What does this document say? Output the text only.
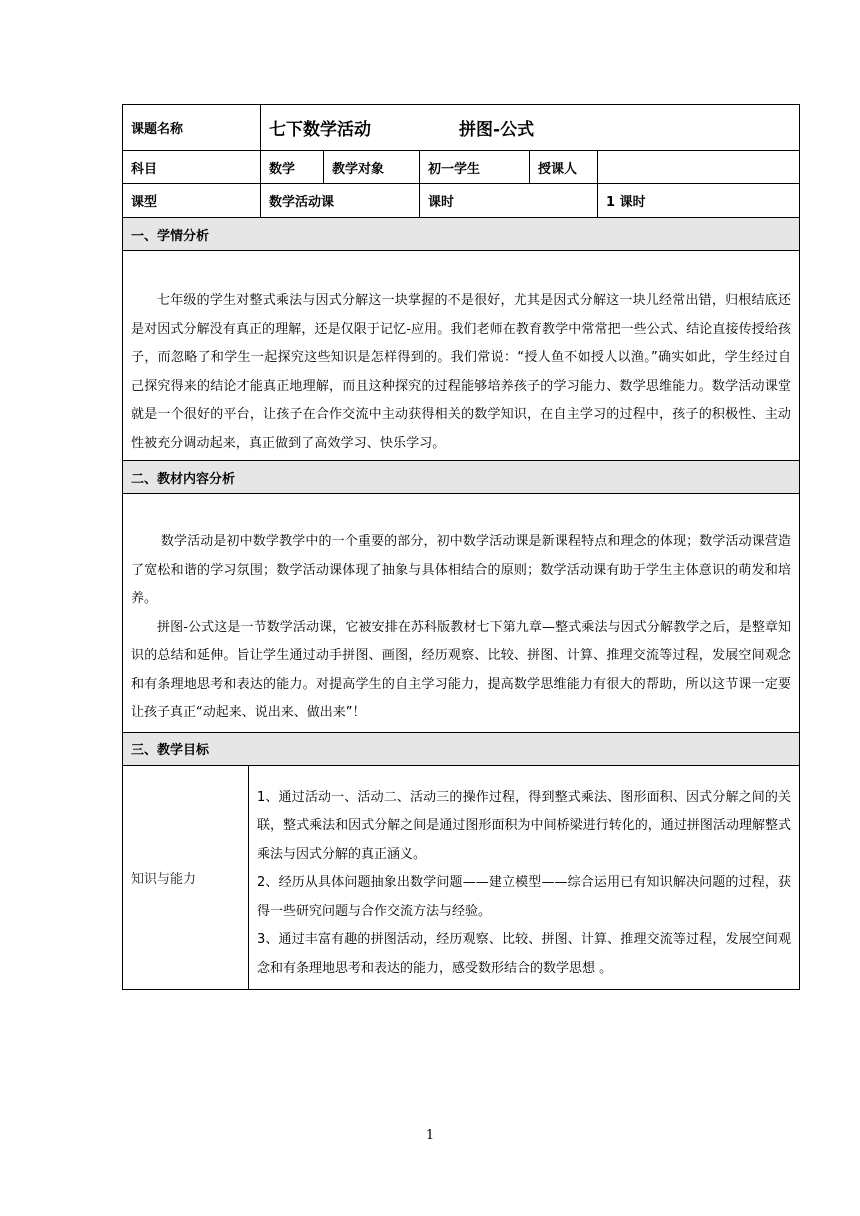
课题名称		七下数学活动 拼图-公式				
科目		数学	教学对象	初一学生	授课人	
课型		数学活动课		课时		1 课时
一、学情分析						

七年级的学生对整式乘法与因式分解这一块掌握的不是很好，尤其是因式分解这一块儿经常出错，归根结底还是对因式分解没有真正的理解，还是仅限于记忆-应用。我们老师在教育教学中常常把一些公式、结论直接传授给孩子，而忽略了和学生一起探究这些知识是怎样得到的。我们常说：“授人鱼不如授人以渔。”确实如此，学生经过自己探究得来的结论才能真正地理解，而且这种探究的过程能够培养孩子的学习能力、数学思维能力。数学活动课堂就是一个很好的平台，让孩子在合作交流中主动获得相关的数学知识，在自主学习的过程中，孩子的积极性、主动性被充分调动起来，真正做到了高效学习、快乐学习。						

二、教材内容分析						

数学活动是初中数学教学中的一个重要的部分，初中数学活动课是新课程特点和理念的体现；数学活动课营造了宽松和谐的学习氛围；数学活动课体现了抽象与具体相结合的原则；数学活动课有助于学生主体意识的萌发和培养。

拼图-公式这是一节数学活动课，它被安排在苏科版教材七下第九章—整式乘法与因式分解教学之后，是整章知识的总结和延伸。旨让学生通过动手拼图、画图，经历观察、比较、拼图、计算、推理交流等过程，发展空间观念和有条理地思考和表达的能力。对提高学生的自主学习能力，提高数学思维能力有很大的帮助，所以这节课一定要让孩子真正“动起来、说出来、做出来”！						

三、教学目标						
知识与能力	1、通过活动一、活动二、活动三的操作过程，得到整式乘法、图形面积、因式分解之间的关联，整式乘法和因式分解之间是通过图形面积为中间桥梁进行转化的，通过拼图活动理解整式乘法与因式分解的真正涵义。

2、经历从具体问题抽象出数学问题——建立模型——综合运用已有知识解决问题的过程，获得一些研究问题与合作交流方法与经验。

3、通过丰富有趣的拼图活动，经历观察、比较、拼图、计算、推理交流等过程，发展空间观念和有条理地思考和表达的能力，感受数形结合的数学思想 。					

1
